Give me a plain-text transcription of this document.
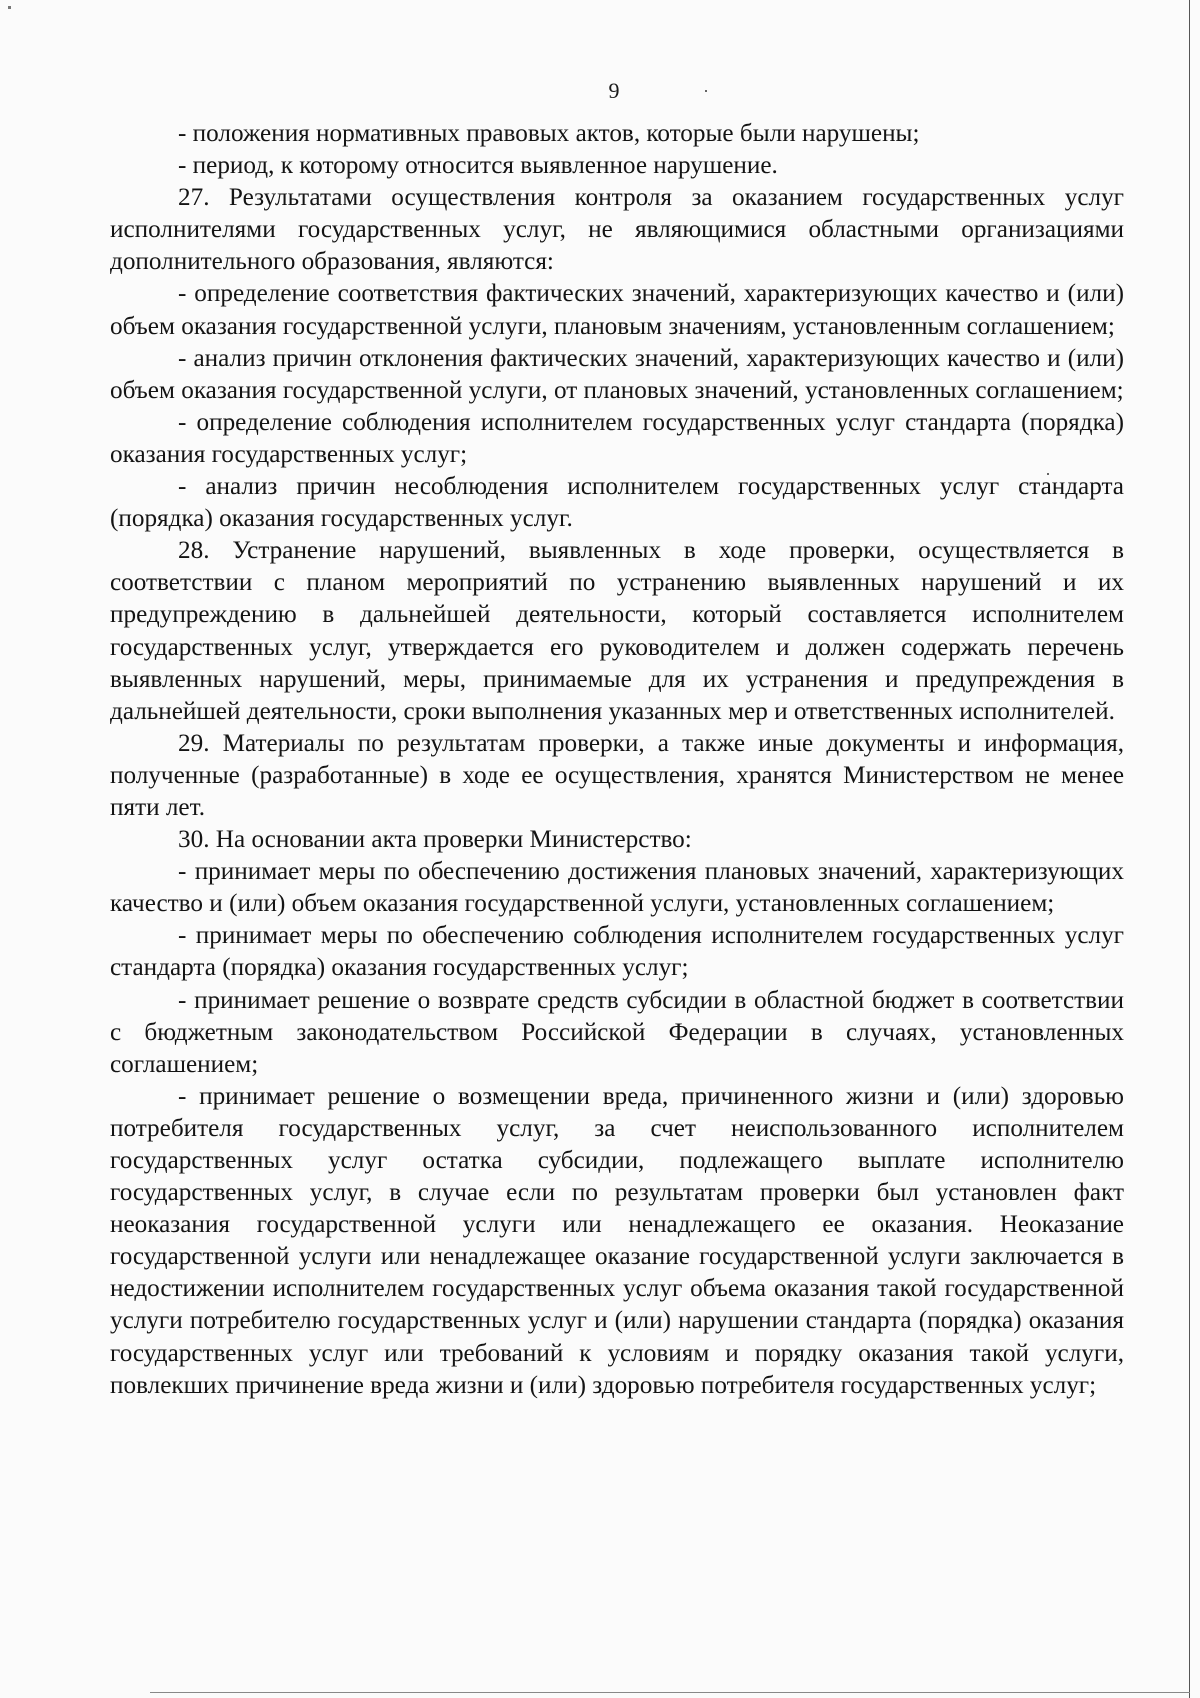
9

- положения нормативных правовых актов, которые были нарушены;

- период, к которому относится выявленное нарушение.

27. Результатами осуществления контроля за оказанием государственных услуг исполнителями государственных услуг, не являющимися областными организациями дополнительного образования, являются:

- определение соответствия фактических значений, характеризующих качество и (или) объем оказания государственной услуги, плановым значениям, установленным соглашением;

- анализ причин отклонения фактических значений, характеризующих качество и (или) объем оказания государственной услуги, от плановых значений, установленных соглашением;

- определение соблюдения исполнителем государственных услуг стандарта (порядка) оказания государственных услуг;

- анализ причин несоблюдения исполнителем государственных услуг стандарта (порядка) оказания государственных услуг.

28. Устранение нарушений, выявленных в ходе проверки, осуществляется в соответствии с планом мероприятий по устранению выявленных нарушений и их предупреждению в дальнейшей деятельности, который составляется исполнителем государственных услуг, утверждается его руководителем и должен содержать перечень выявленных нарушений, меры, принимаемые для их устранения и предупреждения в дальнейшей деятельности, сроки выполнения указанных мер и ответственных исполнителей.

29. Материалы по результатам проверки, а также иные документы и информация, полученные (разработанные) в ходе ее осуществления, хранятся Министерством не менее пяти лет.

30. На основании акта проверки Министерство:

- принимает меры по обеспечению достижения плановых значений, характеризующих качество и (или) объем оказания государственной услуги, установленных соглашением;

- принимает меры по обеспечению соблюдения исполнителем государственных услуг стандарта (порядка) оказания государственных услуг;

- принимает решение о возврате средств субсидии в областной бюджет в соответствии с бюджетным законодательством Российской Федерации в случаях, установленных соглашением;

- принимает решение о возмещении вреда, причиненного жизни и (или) здоровью потребителя государственных услуг, за счет неиспользованного исполнителем государственных услуг остатка субсидии, подлежащего выплате исполнителю государственных услуг, в случае если по результатам проверки был установлен факт неоказания государственной услуги или ненадлежащего ее оказания. Неоказание государственной услуги или ненадлежащее оказание государственной услуги заключается в недостижении исполнителем государственных услуг объема оказания такой государственной услуги потребителю государственных услуг и (или) нарушении стандарта (порядка) оказания государственных услуг или требований к условиям и порядку оказания такой услуги, повлекших причинение вреда жизни и (или) здоровью потребителя государственных услуг;
